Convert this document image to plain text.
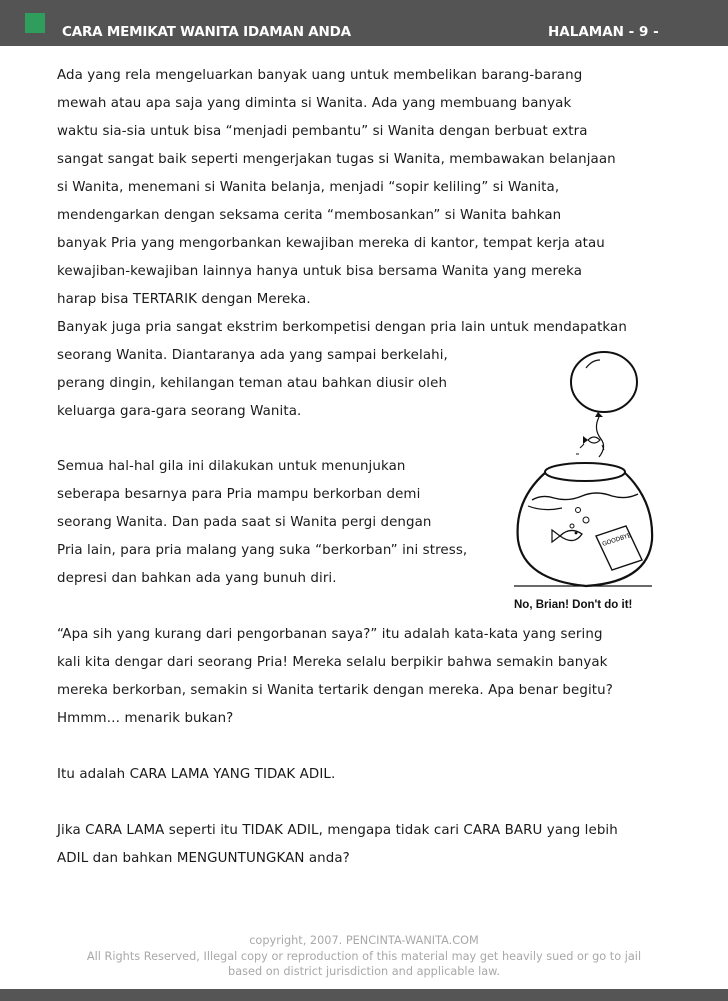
CARA MEMIKAT WANITA IDAMAN ANDA	HALAMAN - 9 -
Ada yang rela mengeluarkan banyak uang untuk membelikan barang-barang
mewah atau apa saja yang diminta si Wanita. Ada yang membuang banyak
waktu sia-sia untuk bisa “menjadi pembantu” si Wanita dengan berbuat extra
sangat sangat baik seperti mengerjakan tugas si Wanita, membawakan belanjaan
si Wanita, menemani si Wanita belanja, menjadi “sopir keliling” si Wanita,
mendengarkan dengan seksama cerita “membosankan” si Wanita bahkan
banyak Pria yang mengorbankan kewajiban mereka di kantor, tempat kerja atau
kewajiban-kewajiban lainnya hanya untuk bisa bersama Wanita yang mereka
harap bisa TERTARIK dengan Mereka.
Banyak juga pria sangat ekstrim berkompetisi dengan pria lain untuk mendapatkan
seorang Wanita. Diantaranya ada yang sampai berkelahi,
perang dingin, kehilangan teman atau bahkan diusir oleh
keluarga gara-gara seorang Wanita.
Semua hal-hal gila ini dilakukan untuk menunjukan
seberapa besarnya para Pria mampu berkorban demi
seorang Wanita. Dan pada saat si Wanita pergi dengan
Pria lain, para pria malang yang suka “berkorban” ini stress,
depresi dan bahkan ada yang bunuh diri.
“Apa sih yang kurang dari pengorbanan saya?” itu adalah kata-kata yang sering
kali kita dengar dari seorang Pria! Mereka selalu berpikir bahwa semakin banyak
mereka berkorban, semakin si Wanita tertarik dengan mereka. Apa benar begitu?
Hmmm… menarik bukan?
Itu adalah CARA LAMA YANG TIDAK ADIL.
Jika CARA LAMA seperti itu TIDAK ADIL, mengapa tidak cari CARA BARU yang lebih
ADIL dan bahkan MENGUNTUNGKAN anda?
GOODBYE
No, Brian! Don't do it!
copyright, 2007. PENCINTA-WANITA.COM
All Rights Reserved, Illegal copy or reproduction of this material may get heavily sued or go to jail
based on district jurisdiction and applicable law.
